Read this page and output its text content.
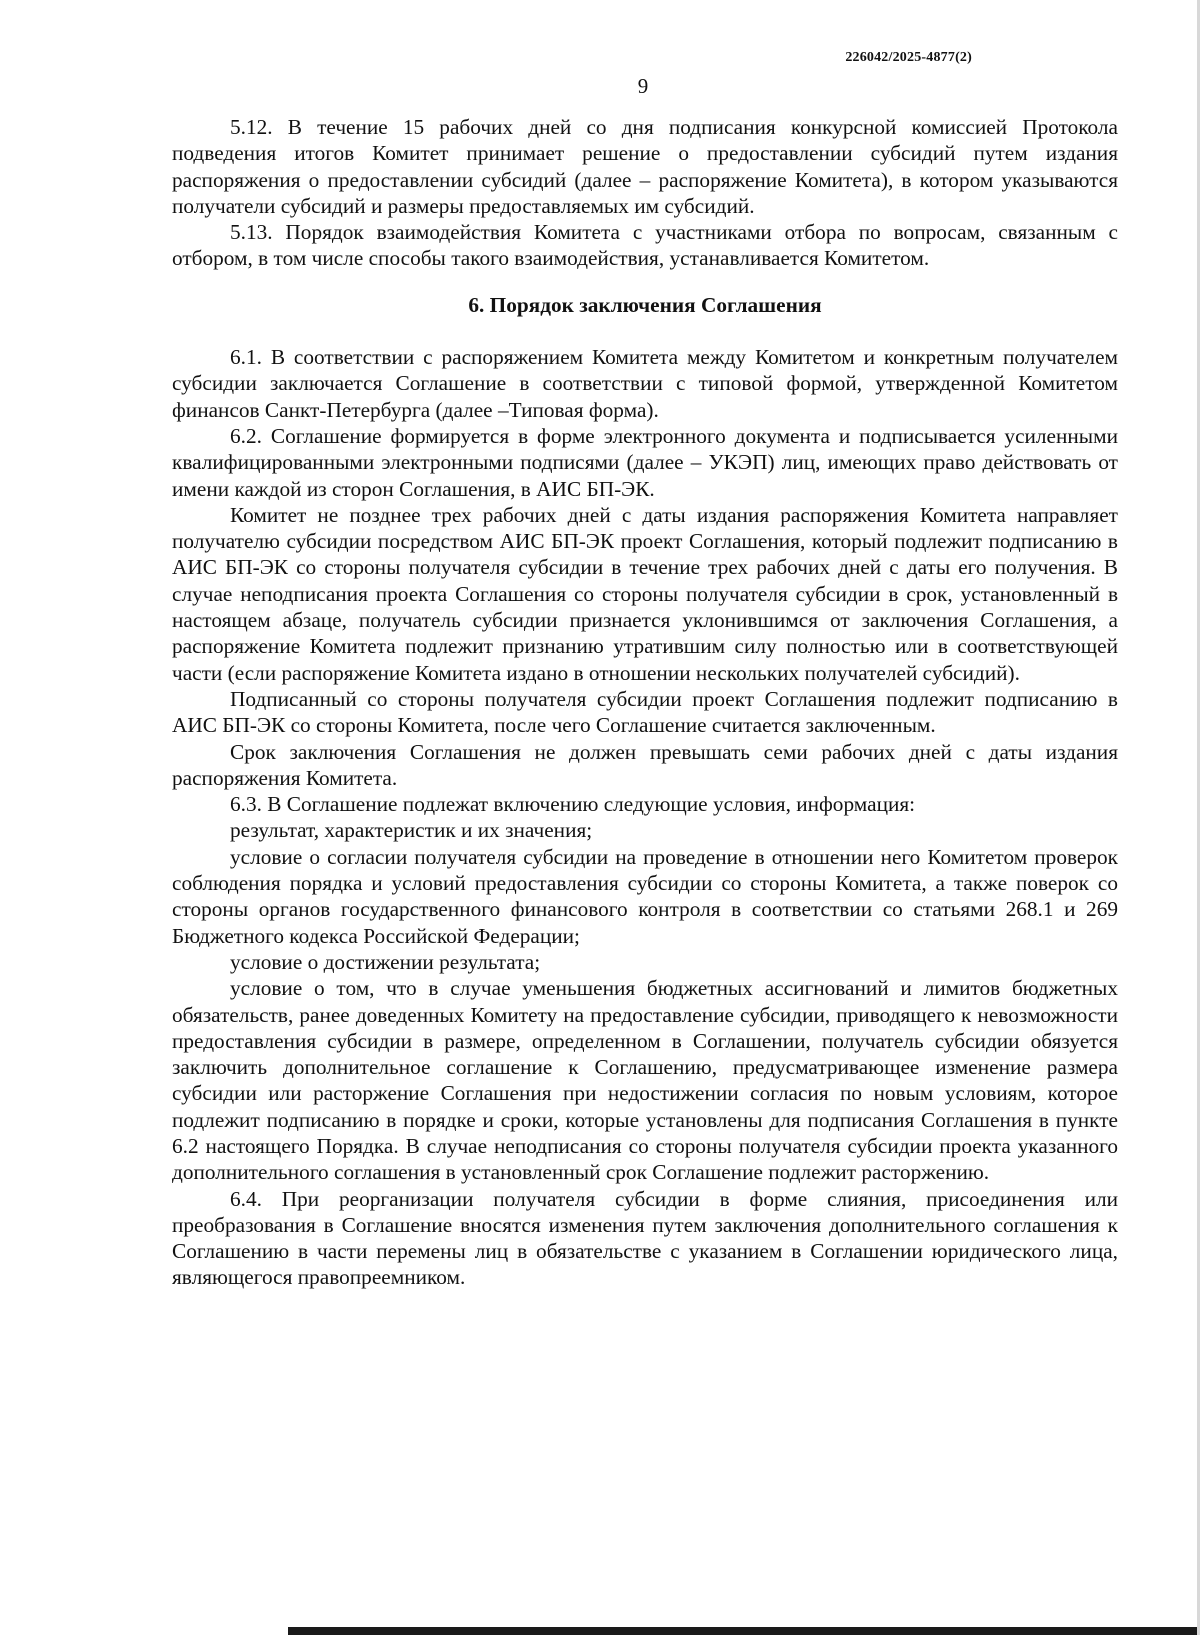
226042/2025-4877(2)
9

5.12. В течение 15 рабочих дней со дня подписания конкурсной комиссией Протокола подведения итогов Комитет принимает решение о предоставлении субсидий путем издания распоряжения о предоставлении субсидий (далее – распоряжение Комитета), в котором указываются получатели субсидий и размеры предоставляемых им субсидий.

5.13. Порядок взаимодействия Комитета с участниками отбора по вопросам, связанным с отбором, в том числе способы такого взаимодействия, устанавливается Комитетом.

6. Порядок заключения Соглашения

6.1. В соответствии с распоряжением Комитета между Комитетом и конкретным получателем субсидии заключается Соглашение в соответствии с типовой формой, утвержденной Комитетом финансов Санкт-Петербурга (далее –Типовая форма).

6.2. Соглашение формируется в форме электронного документа и подписывается усиленными квалифицированными электронными подписями (далее – УКЭП) лиц, имеющих право действовать от имени каждой из сторон Соглашения, в АИС БП-ЭК.

Комитет не позднее трех рабочих дней с даты издания распоряжения Комитета направляет получателю субсидии посредством АИС БП-ЭК проект Соглашения, который подлежит подписанию в АИС БП-ЭК со стороны получателя субсидии в течение трех рабочих дней с даты его получения. В случае неподписания проекта Соглашения со стороны получателя субсидии в срок, установленный в настоящем абзаце, получатель субсидии признается уклонившимся от заключения Соглашения, а распоряжение Комитета подлежит признанию утратившим силу полностью или в соответствующей части (если распоряжение Комитета издано в отношении нескольких получателей субсидий).

Подписанный со стороны получателя субсидии проект Соглашения подлежит подписанию в АИС БП-ЭК со стороны Комитета, после чего Соглашение считается заключенным.

Срок заключения Соглашения не должен превышать семи рабочих дней с даты издания распоряжения Комитета.

6.3. В Соглашение подлежат включению следующие условия, информация:

результат, характеристик и их значения;

условие о согласии получателя субсидии на проведение в отношении него Комитетом проверок соблюдения порядка и условий предоставления субсидии со стороны Комитета, а также поверок со стороны органов государственного финансового контроля в соответствии со статьями 268.1 и 269 Бюджетного кодекса Российской Федерации;

условие о достижении результата;

условие о том, что в случае уменьшения бюджетных ассигнований и лимитов бюджетных обязательств, ранее доведенных Комитету на предоставление субсидии, приводящего к невозможности предоставления субсидии в размере, определенном в Соглашении, получатель субсидии обязуется заключить дополнительное соглашение к Соглашению, предусматривающее изменение размера субсидии или расторжение Соглашения при недостижении согласия по новым условиям, которое подлежит подписанию в порядке и сроки, которые установлены для подписания Соглашения в пункте 6.2 настоящего Порядка. В случае неподписания со стороны получателя субсидии проекта указанного дополнительного соглашения в установленный срок Соглашение подлежит расторжению.

6.4. При реорганизации получателя субсидии в форме слияния, присоединения или преобразования в Соглашение вносятся изменения путем заключения дополнительного соглашения к Соглашению в части перемены лиц в обязательстве с указанием в Соглашении юридического лица, являющегося правопреемником.
